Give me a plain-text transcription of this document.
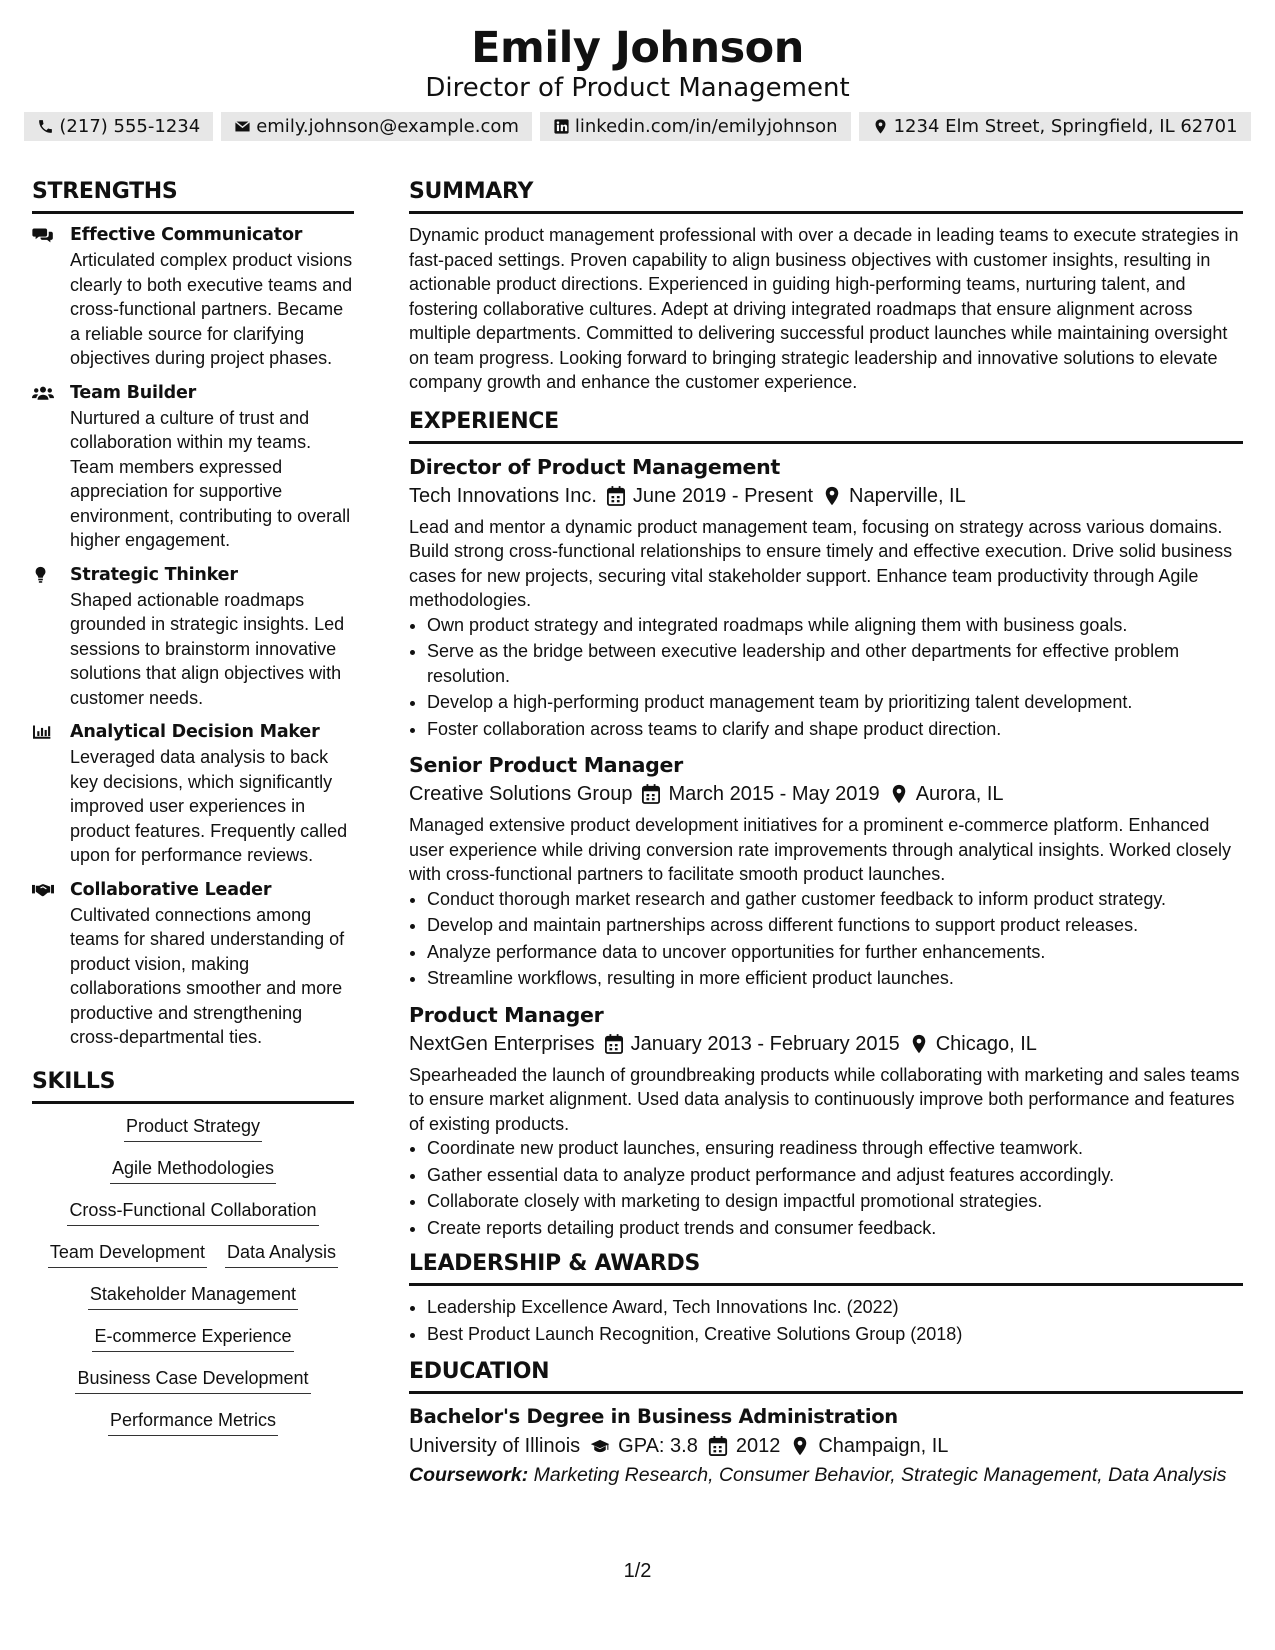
Emily Johnson
Director of Product Management
(217) 555-1234	emily.johnson@example.com	linkedin.com/in/emilyjohnson	1234 Elm Street, Springfield, IL 62701
STRENGTHS
Effective Communicator
Articulated complex product visions clearly to both executive teams and cross-functional partners. Became a reliable source for clarifying objectives during project phases.
Team Builder
Nurtured a culture of trust and collaboration within my teams. Team members expressed appreciation for supportive environment, contributing to overall higher engagement.
Strategic Thinker
Shaped actionable roadmaps grounded in strategic insights. Led sessions to brainstorm innovative solutions that align objectives with customer needs.
Analytical Decision Maker
Leveraged data analysis to back key decisions, which significantly improved user experiences in product features. Frequently called upon for performance reviews.
Collaborative Leader
Cultivated connections among teams for shared understanding of product vision, making collaborations smoother and more productive and strengthening cross-departmental ties.
SKILLS
Product Strategy
Agile Methodologies
Cross-Functional Collaboration
Team Development Data Analysis
Stakeholder Management
E-commerce Experience
Business Case Development
Performance Metrics
SUMMARY
Dynamic product management professional with over a decade in leading teams to execute strategies in fast-paced settings. Proven capability to align business objectives with customer insights, resulting in actionable product directions. Experienced in guiding high-performing teams, nurturing talent, and fostering collaborative cultures. Adept at driving integrated roadmaps that ensure alignment across multiple departments. Committed to delivering successful product launches while maintaining oversight on team progress. Looking forward to bringing strategic leadership and innovative solutions to elevate company growth and enhance the customer experience.
EXPERIENCE
Director of Product Management
Tech Innovations Inc. June 2019 - Present Naperville, IL
Lead and mentor a dynamic product management team, focusing on strategy across various domains. Build strong cross-functional relationships to ensure timely and effective execution. Drive solid business cases for new projects, securing vital stakeholder support. Enhance team productivity through Agile methodologies.
• Own product strategy and integrated roadmaps while aligning them with business goals.
• Serve as the bridge between executive leadership and other departments for effective problem resolution.
• Develop a high-performing product management team by prioritizing talent development.
• Foster collaboration across teams to clarify and shape product direction.
Senior Product Manager
Creative Solutions Group March 2015 - May 2019 Aurora, IL
Managed extensive product development initiatives for a prominent e-commerce platform. Enhanced user experience while driving conversion rate improvements through analytical insights. Worked closely with cross-functional partners to facilitate smooth product launches.
• Conduct thorough market research and gather customer feedback to inform product strategy.
• Develop and maintain partnerships across different functions to support product releases.
• Analyze performance data to uncover opportunities for further enhancements.
• Streamline workflows, resulting in more efficient product launches.
Product Manager
NextGen Enterprises January 2013 - February 2015 Chicago, IL
Spearheaded the launch of groundbreaking products while collaborating with marketing and sales teams to ensure market alignment. Used data analysis to continuously improve both performance and features of existing products.
• Coordinate new product launches, ensuring readiness through effective teamwork.
• Gather essential data to analyze product performance and adjust features accordingly.
• Collaborate closely with marketing to design impactful promotional strategies.
• Create reports detailing product trends and consumer feedback.
LEADERSHIP & AWARDS
• Leadership Excellence Award, Tech Innovations Inc. (2022)
• Best Product Launch Recognition, Creative Solutions Group (2018)
EDUCATION
Bachelor's Degree in Business Administration
University of Illinois GPA: 3.8 2012 Champaign, IL
Coursework: Marketing Research, Consumer Behavior, Strategic Management, Data Analysis
1/2
